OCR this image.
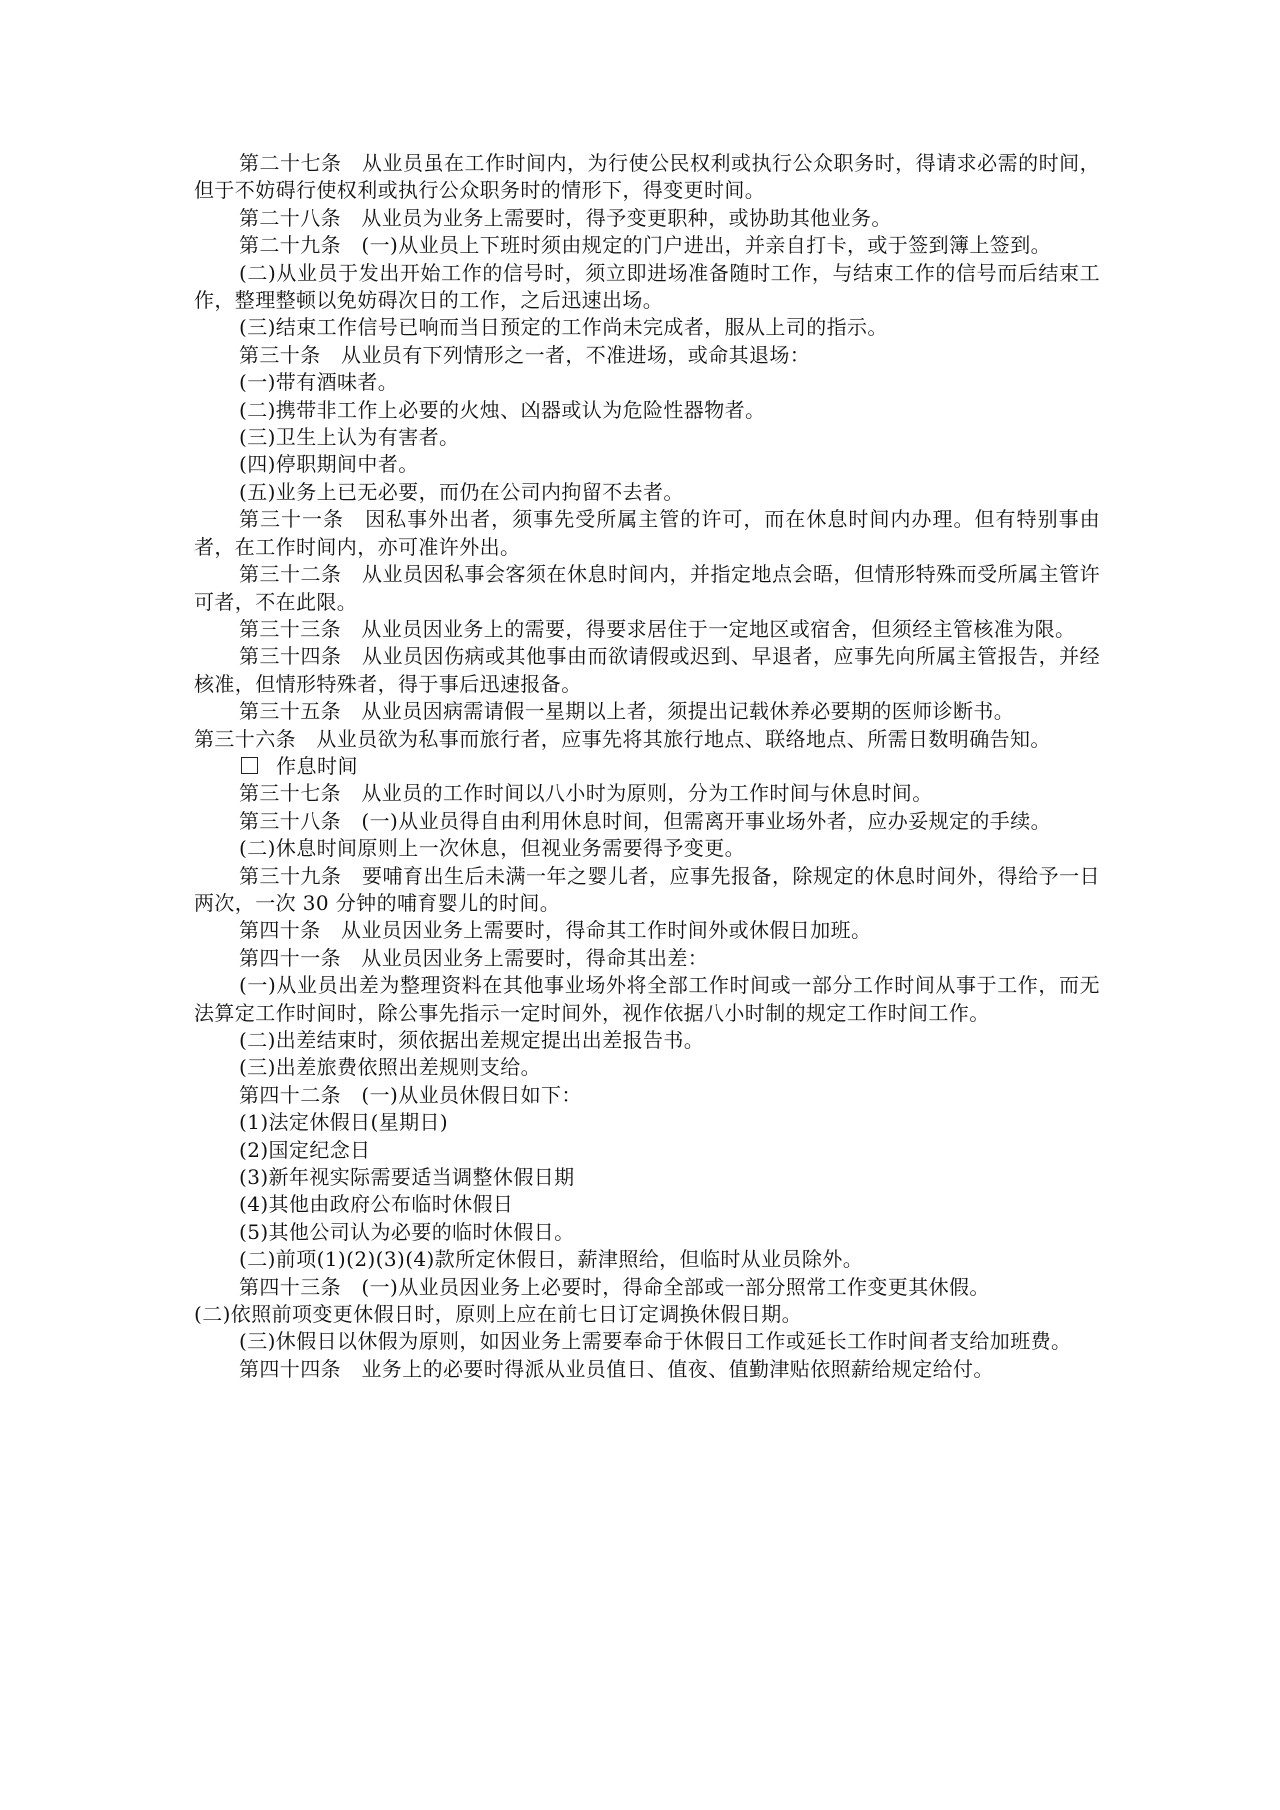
第二十七条　从业员虽在工作时间内，为行使公民权利或执行公众职务时，得请求必需的时间，但于不妨碍行使权利或执行公众职务时的情形下，得变更时间。

第二十八条　从业员为业务上需要时，得予变更职种，或协助其他业务。

第二十九条　(一)从业员上下班时须由规定的门户进出，并亲自打卡，或于签到簿上签到。

(二)从业员于发出开始工作的信号时，须立即进场准备随时工作，与结束工作的信号而后结束工作，整理整顿以免妨碍次日的工作，之后迅速出场。

(三)结束工作信号已响而当日预定的工作尚未完成者，服从上司的指示。

第三十条　从业员有下列情形之一者，不准进场，或命其退场：

(一)带有酒味者。

(二)携带非工作上必要的火烛、凶器或认为危险性器物者。

(三)卫生上认为有害者。

(四)停职期间中者。

(五)业务上已无必要，而仍在公司内拘留不去者。

第三十一条　因私事外出者，须事先受所属主管的许可，而在休息时间内办理。但有特别事由者，在工作时间内，亦可准许外出。

第三十二条　从业员因私事会客须在休息时间内，并指定地点会晤，但情形特殊而受所属主管许可者，不在此限。

第三十三条　从业员因业务上的需要，得要求居住于一定地区或宿舍，但须经主管核准为限。

第三十四条　从业员因伤病或其他事由而欲请假或迟到、早退者，应事先向所属主管报告，并经核准，但情形特殊者，得于事后迅速报备。

第三十五条　从业员因病需请假一星期以上者，须提出记载休养必要期的医师诊断书。

第三十六条　从业员欲为私事而旅行者，应事先将其旅行地点、联络地点、所需日数明确告知。

作息时间

第三十七条　从业员的工作时间以八小时为原则，分为工作时间与休息时间。

第三十八条　(一)从业员得自由利用休息时间，但需离开事业场外者，应办妥规定的手续。

(二)休息时间原则上一次休息，但视业务需要得予变更。

第三十九条　要哺育出生后未满一年之婴儿者，应事先报备，除规定的休息时间外，得给予一日两次，一次 30 分钟的哺育婴儿的时间。

第四十条　从业员因业务上需要时，得命其工作时间外或休假日加班。

第四十一条　从业员因业务上需要时，得命其出差：

(一)从业员出差为整理资料在其他事业场外将全部工作时间或一部分工作时间从事于工作，而无法算定工作时间时，除公事先指示一定时间外，视作依据八小时制的规定工作时间工作。

(二)出差结束时，须依据出差规定提出出差报告书。

(三)出差旅费依照出差规则支给。

第四十二条　(一)从业员休假日如下：

(1)法定休假日(星期日)

(2)国定纪念日

(3)新年视实际需要适当调整休假日期

(4)其他由政府公布临时休假日

(5)其他公司认为必要的临时休假日。

(二)前项(1)(2)(3)(4)款所定休假日，薪津照给，但临时从业员除外。

第四十三条　(一)从业员因业务上必要时，得命全部或一部分照常工作变更其休假。

(二)依照前项变更休假日时，原则上应在前七日订定调换休假日期。

(三)休假日以休假为原则，如因业务上需要奉命于休假日工作或延长工作时间者支给加班费。

第四十四条　业务上的必要时得派从业员值日、值夜、值勤津贴依照薪给规定给付。
